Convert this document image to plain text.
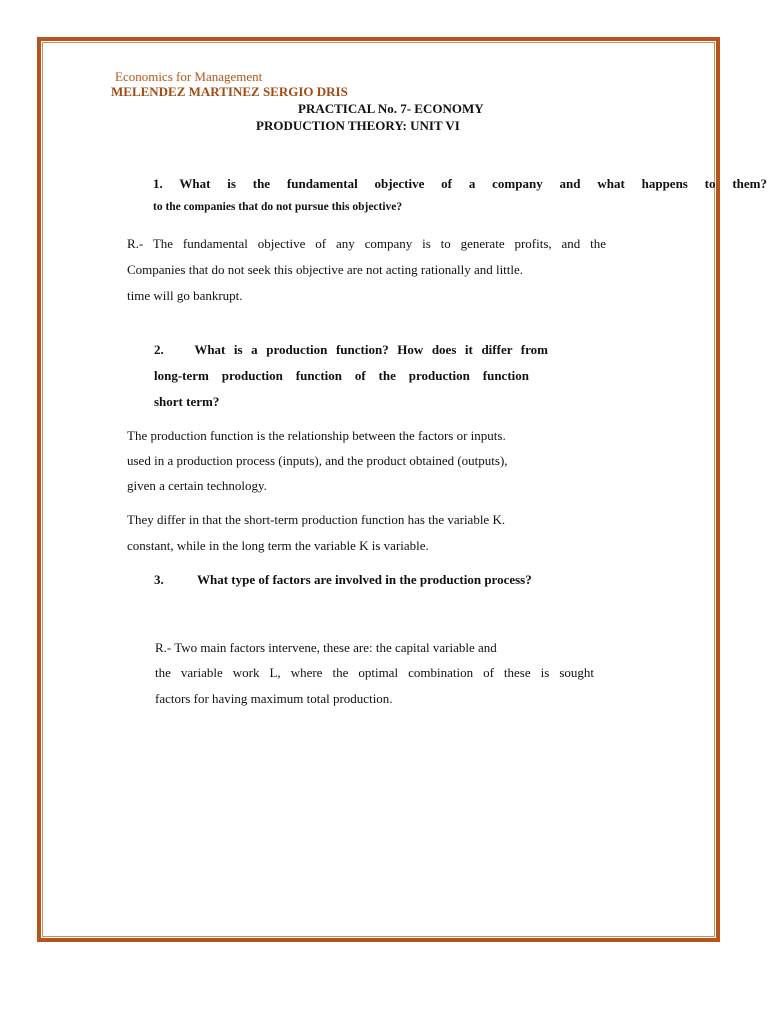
Economics for Management
MELENDEZ MARTINEZ SERGIO DRIS
PRACTICAL No. 7- ECONOMY
PRODUCTION THEORY: UNIT VI
1. What is the fundamental objective of a company and what happens to them?
to the companies that do not pursue this objective?
R.- The fundamental objective of any company is to generate profits, and the
Companies that do not seek this objective are not acting rationally and little.
time will go bankrupt.
2. What is a production function? How does it differ from
long-term production function of the production function
short term?
The production function is the relationship between the factors or inputs.
used in a production process (inputs), and the product obtained (outputs),
given a certain technology.
They differ in that the short-term production function has the variable K.
constant, while in the long term the variable K is variable.
3.	What type of factors are involved in the production process?
R.- Two main factors intervene, these are: the capital variable and
the variable work L, where the optimal combination of these is sought
factors for having maximum total production.
